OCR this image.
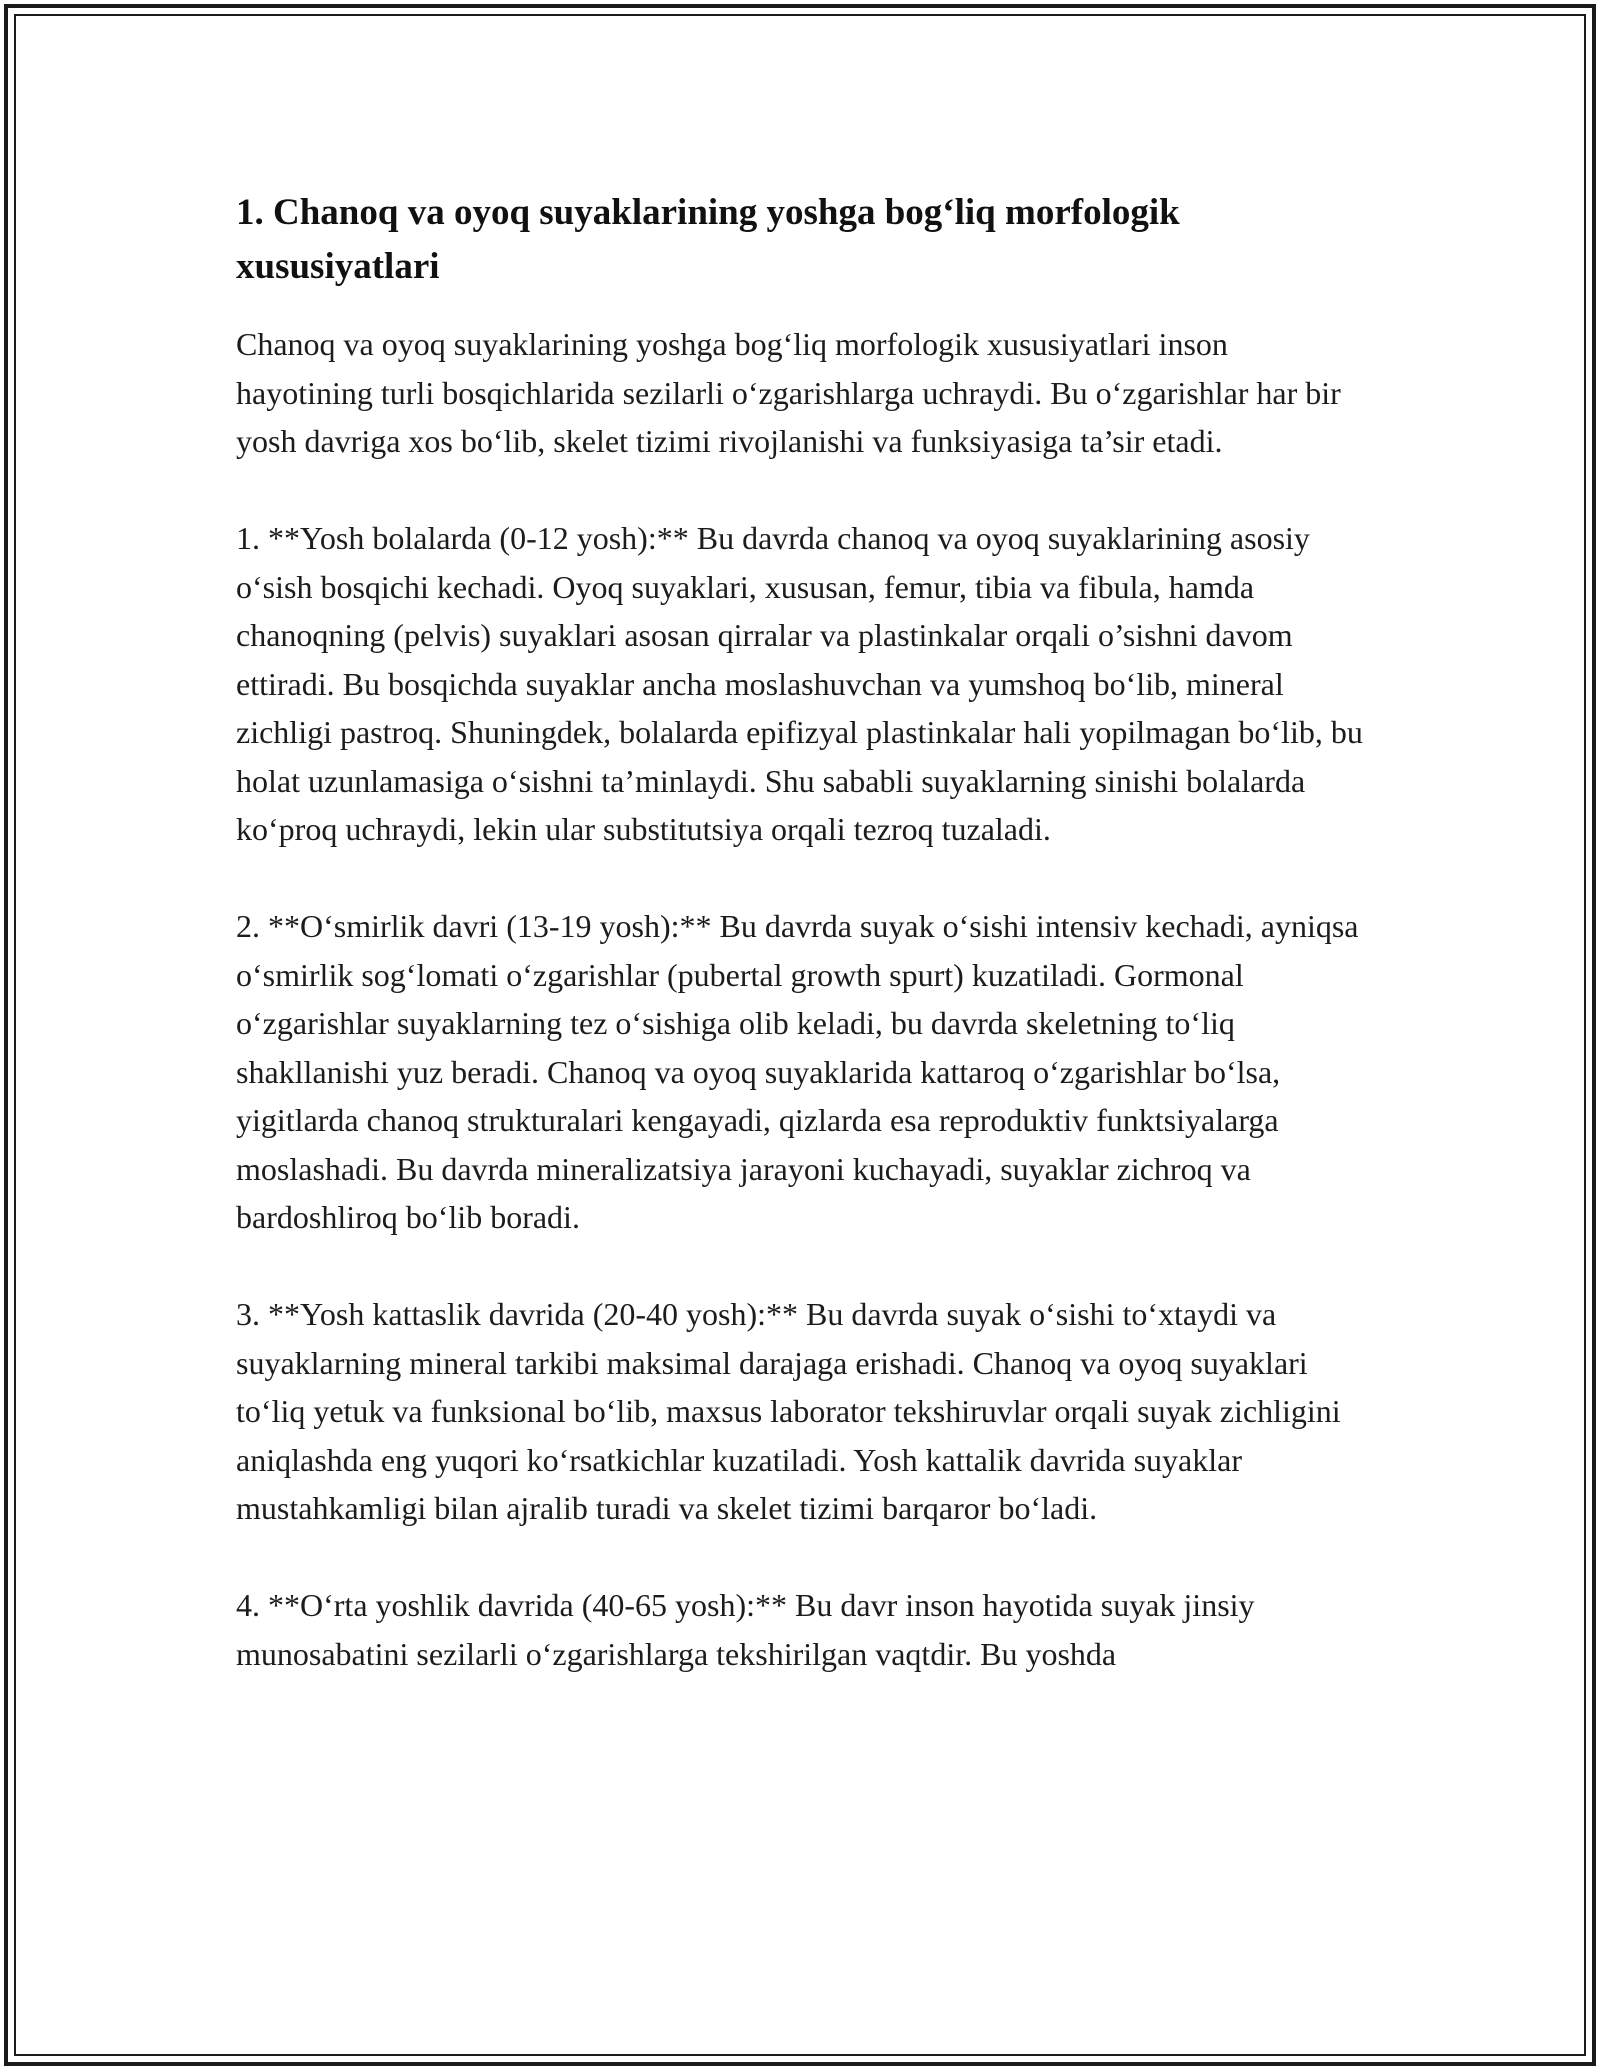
1. Chanoq va oyoq suyaklarining yoshga bog‘liq morfologik xususiyatlari

Chanoq va oyoq suyaklarining yoshga bog‘liq morfologik xususiyatlari inson hayotining turli bosqichlarida sezilarli o‘zgarishlarga uchraydi. Bu o‘zgarishlar har bir yosh davriga xos bo‘lib, skelet tizimi rivojlanishi va funksiyasiga ta’sir etadi.

1. **Yosh bolalarda (0-12 yosh):** Bu davrda chanoq va oyoq suyaklarining asosiy o‘sish bosqichi kechadi. Oyoq suyaklari, xususan, femur, tibia va fibula, hamda chanoqning (pelvis) suyaklari asosan qirralar va plastinkalar orqali o’sishni davom ettiradi. Bu bosqichda suyaklar ancha moslashuvchan va yumshoq bo‘lib, mineral zichligi pastroq. Shuningdek, bolalarda epifizyal plastinkalar hali yopilmagan bo‘lib, bu holat uzunlamasiga o‘sishni ta’minlaydi. Shu sababli suyaklarning sinishi bolalarda ko‘proq uchraydi, lekin ular substitutsiya orqali tezroq tuzaladi.

2. **O‘smirlik davri (13-19 yosh):** Bu davrda suyak o‘sishi intensiv kechadi, ayniqsa o‘smirlik sog‘lomati o‘zgarishlar (pubertal growth spurt) kuzatiladi. Gormonal o‘zgarishlar suyaklarning tez o‘sishiga olib keladi, bu davrda skeletning to‘liq shakllanishi yuz beradi. Chanoq va oyoq suyaklarida kattaroq o‘zgarishlar bo‘lsa, yigitlarda chanoq strukturalari kengayadi, qizlarda esa reproduktiv funktsiyalarga moslashadi. Bu davrda mineralizatsiya jarayoni kuchayadi, suyaklar zichroq va bardoshliroq bo‘lib boradi.

3. **Yosh kattaslik davrida (20-40 yosh):** Bu davrda suyak o‘sishi to‘xtaydi va suyaklarning mineral tarkibi maksimal darajaga erishadi. Chanoq va oyoq suyaklari to‘liq yetuk va funksional bo‘lib, maxsus laborator tekshiruvlar orqali suyak zichligini aniqlashda eng yuqori ko‘rsatkichlar kuzatiladi. Yosh kattalik davrida suyaklar mustahkamligi bilan ajralib turadi va skelet tizimi barqaror bo‘ladi.

4. **O‘rta yoshlik davrida (40-65 yosh):** Bu davr inson hayotida suyak jinsiy munosabatini sezilarli o‘zgarishlarga tekshirilgan vaqtdir. Bu yoshda
